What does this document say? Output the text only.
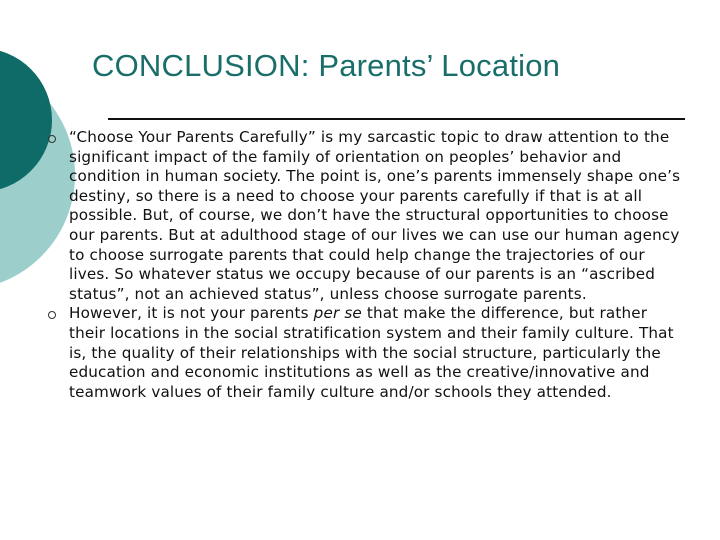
CONCLUSION: Parents’ Location
“Choose Your Parents Carefully” is my sarcastic topic to draw attention to the significant impact of the family of orientation on peoples’ behavior and condition in human society. The point is, one’s parents immensely shape one’s destiny, so there is a need to choose your parents carefully if that is at all possible. But, of course, we don’t have the structural opportunities to choose our parents. But at adulthood stage of our lives we can use our human agency to choose surrogate parents that could help change the trajectories of our lives. So whatever status we occupy because of our parents is an “ascribed status”, not an achieved status”, unless choose surrogate parents.
However, it is not your parents per se that make the difference, but rather their locations in the social stratification system and their family culture. That is, the quality of their relationships with the social structure, particularly the education and economic institutions as well as the creative/innovative and teamwork values of their family culture and/or schools they attended.
